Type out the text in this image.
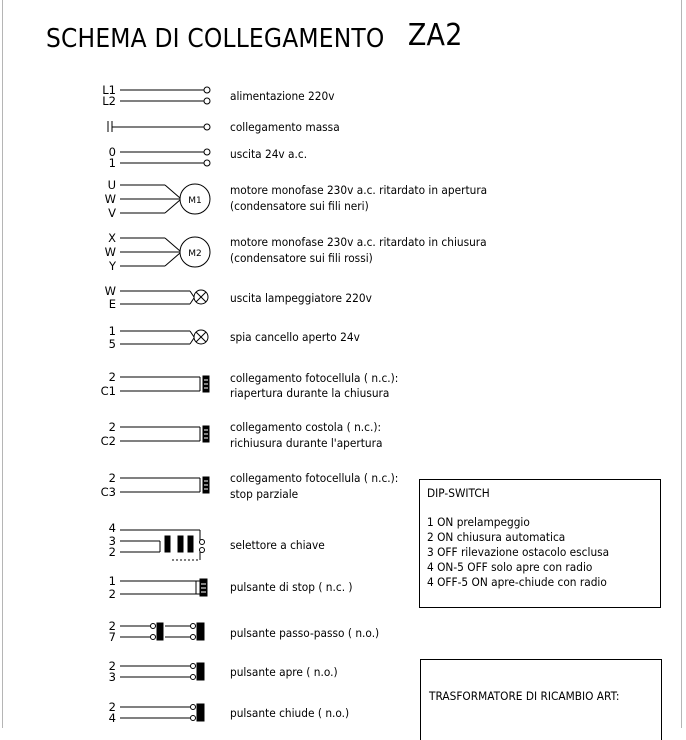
SCHEMA DI COLLEGAMENTO ZA2
M1
M2
L1
L2
0
1
U
W
V
X
W
Y
W
E
1
5
2
C1
2
C2
2
C3
4
3
2
1
2
2
7
2
3
2
4
alimentazione 220v
collegamento massa
uscita 24v a.c.
motore monofase 230v a.c. ritardato in apertura
(condensatore sui fili neri)
motore monofase 230v a.c. ritardato in chiusura
(condensatore sui fili rossi)
uscita lampeggiatore 220v
spia cancello aperto 24v
collegamento fotocellula ( n.c.):
riapertura durante la chiusura
collegamento costola ( n.c.):
richiusura durante l'apertura
collegamento fotocellula ( n.c.):
stop parziale
selettore a chiave
pulsante di stop ( n.c. )
pulsante passo-passo ( n.o.)
pulsante apre ( n.o.)
pulsante chiude ( n.o.)
DIP-SWITCH
1 ON prelampeggio
2 ON chiusura automatica
3 OFF rilevazione ostacolo esclusa
4 ON-5 OFF solo apre con radio
4 OFF-5 ON apre-chiude con radio
TRASFORMATORE DI RICAMBIO ART:
